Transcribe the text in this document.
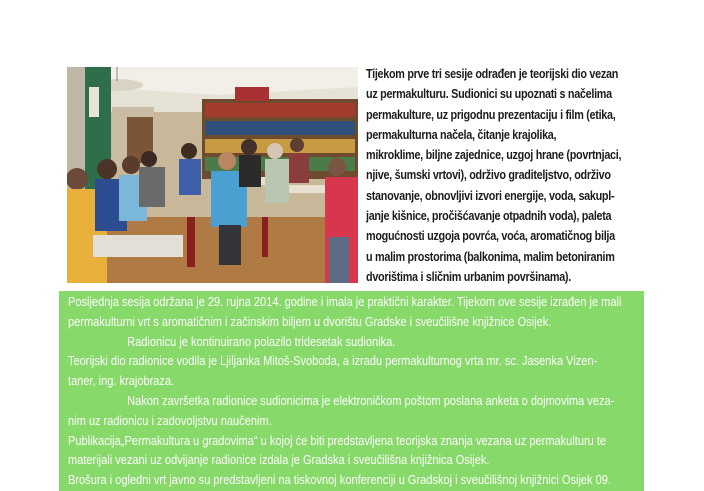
Tijekom prve tri sesije odrađen je teorijski dio vezan
uz permakulturu. Sudionici su upoznati s načelima
permakulture, uz prigodnu prezentaciju i film (etika,
permakulturna načela, čitanje krajolika,
mikroklime, biljne zajednice, uzgoj hrane (povrtnjaci,
njive, šumski vrtovi), održivo graditeljstvo, održivo
stanovanje, obnovljivi izvori energije, voda, sakupl-
janje kišnice, pročišćavanje otpadnih voda), paleta
mogućnosti uzgoja povrća, voća, aromatičnog bilja
u malim prostorima (balkonima, malim betoniranim
dvorištima i sličnim urbanim površinama).
Posljednja sesija održana je 29. rujna 2014. godine i imala je praktični karakter. Tijekom ove sesije izrađen je mali
permakulturni vrt s aromatičnim i začinskim biljem u dvorištu Gradske i sveučilišne knjižnice Osijek.
Radionicu je kontinuirano polazilo tridesetak sudionika.
Teorijski dio radionice vodila je Ljiljanka Mitoš-Svoboda, a izradu permakulturnog vrta mr. sc. Jasenka Vizen-
taner, ing. krajobraza.
Nakon završetka radionice sudionicima je elektroničkom poštom poslana anketa o dojmovima veza-
nim uz radionicu i zadovoljstvu naučenim.
Publikacija„Permakultura u gradovima“ u kojoj će biti predstavljena teorijska znanja vezana uz permakulturu te
materijali vezani uz odvijanje radionice izdala je Gradska i sveučilišna knjižnica Osijek.
Brošura i ogledni vrt javno su predstavljeni na tiskovnoj konferenciji u Gradskoj i sveučilišnoj knjižnici Osijek 09.
